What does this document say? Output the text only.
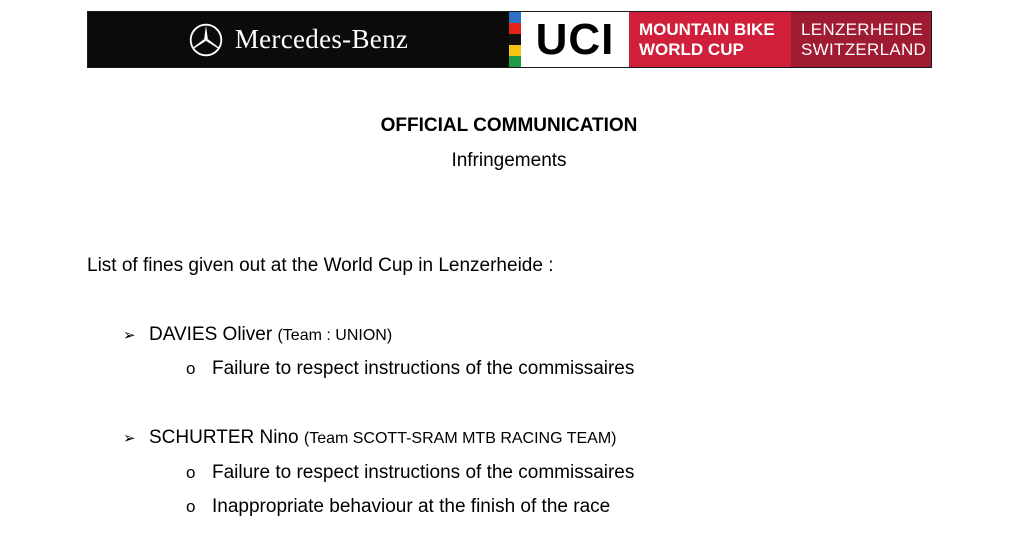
Mercedes-Benz	UCI MOUNTAIN BIKE
WORLD CUP
LENZERHEIDE
SWITZERLAND
OFFICIAL COMMUNICATION
Infringements
List of fines given out at the World Cup in Lenzerheide :
➢ DAVIES Oliver (Team : UNION)
o Failure to respect instructions of the commissaires
➢ SCHURTER Nino (Team SCOTT-SRAM MTB RACING TEAM)
o Failure to respect instructions of the commissaires
o Inappropriate behaviour at the finish of the race
